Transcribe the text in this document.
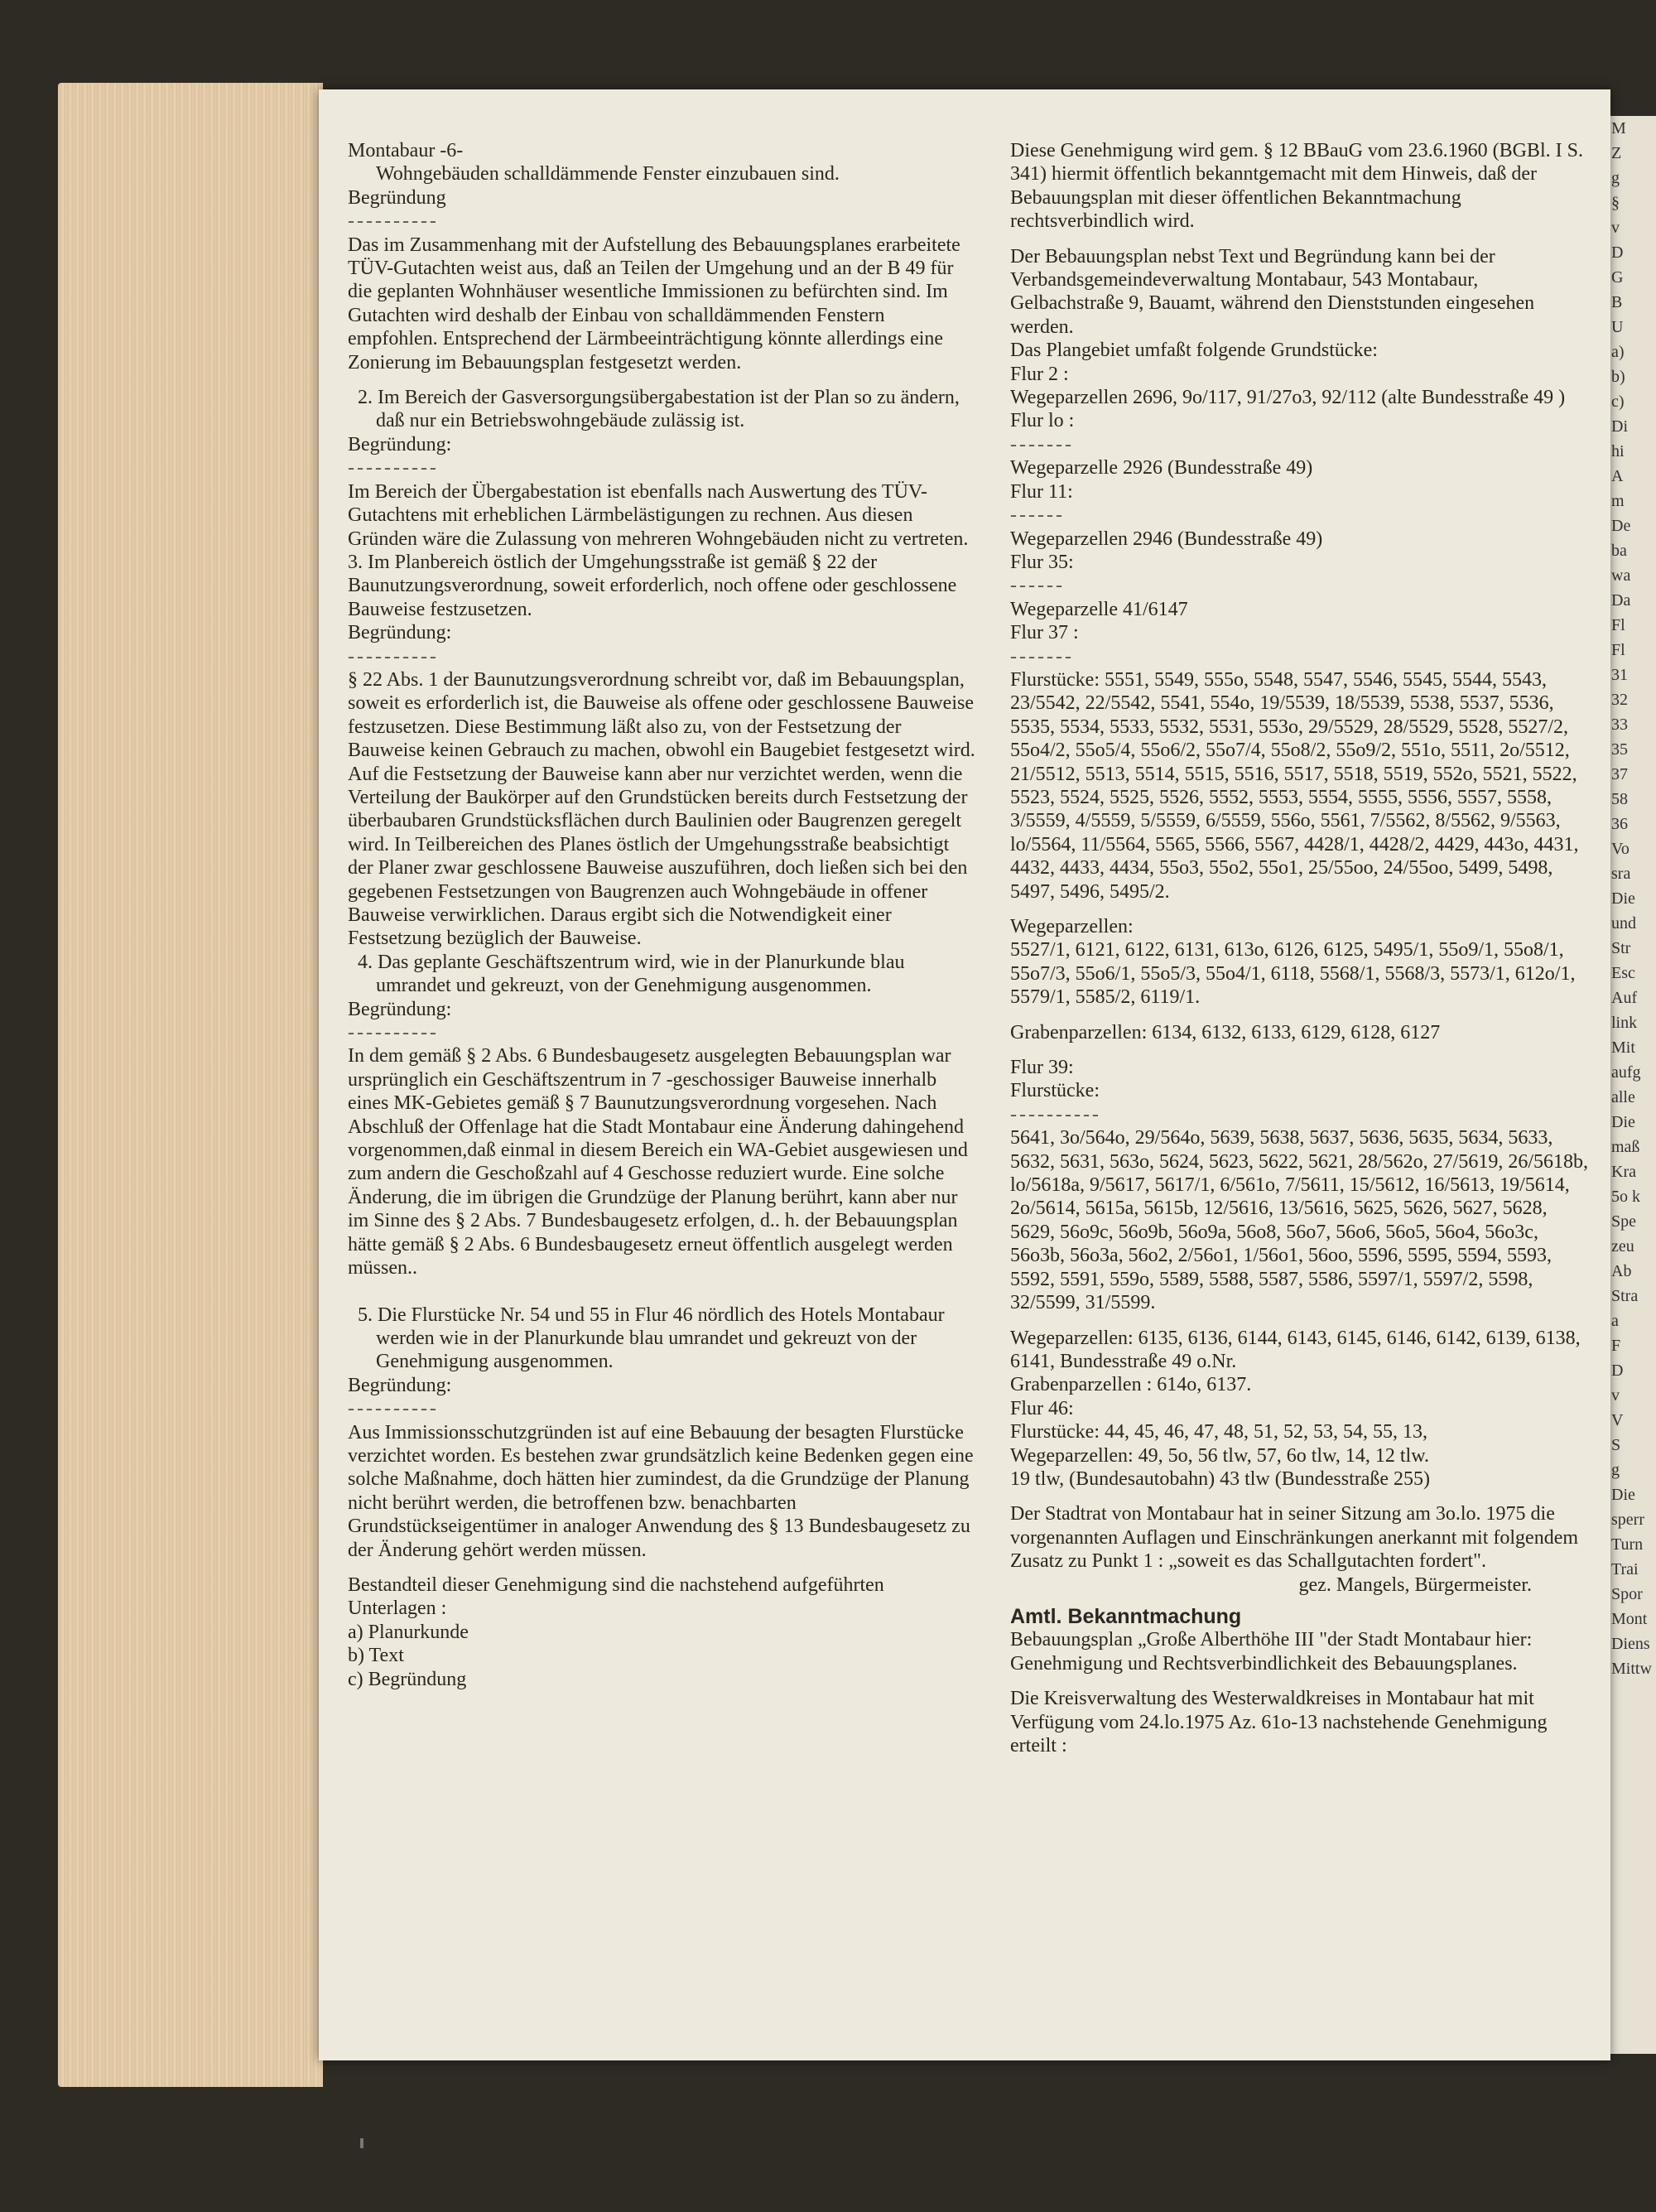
M
Z
g
§
v
D
G
B
U
a)
b)
c)
Di
hi
A
m
De
ba
wa
Da
Fl
Fl
31
32
33
35
37
58
36
Vo
sra
Die
und
Str
Esc
Auf
link
Mit
aufg
alle
Die
maß
Kra
5o k
Spe
zeu
Ab
Stra
a
F
D
v
V
S
g
Die
sperr
Turn
Trai
Spor
Mont
Diens
Mittw

Montabaur -6-

Wohngebäuden schalldämmende Fenster einzubauen sind.

Begründung

----------

Das im Zusammenhang mit der Aufstellung des Bebauungsplanes erarbeitete TÜV-Gutachten weist aus, daß an Teilen der Umgehung und an der B 49 für die geplanten Wohnhäuser wesentliche Immissionen zu befürchten sind. Im Gutachten wird deshalb der Einbau von schalldämmenden Fenstern empfohlen. Entsprechend der Lärmbeeinträchtigung könnte allerdings eine Zonierung im Bebauungsplan festgesetzt werden.

2. Im Bereich der Gasversorgungsübergabestation ist der Plan so zu ändern, daß nur ein Betriebswohngebäude zulässig ist.

Begründung:

----------

Im Bereich der Übergabestation ist ebenfalls nach Auswertung des TÜV-Gutachtens mit erheblichen Lärmbelästigungen zu rechnen. Aus diesen Gründen wäre die Zulassung von mehreren Wohngebäuden nicht zu vertreten.

3. Im Planbereich östlich der Umgehungsstraße ist gemäß § 22 der Baunutzungsverordnung, soweit erforderlich, noch offene oder geschlossene Bauweise festzusetzen.

Begründung:

----------

§ 22 Abs. 1 der Baunutzungsverordnung schreibt vor, daß im Bebauungsplan, soweit es erforderlich ist, die Bauweise als offene oder geschlossene Bauweise festzusetzen. Diese Bestimmung läßt also zu, von der Festsetzung der Bauweise keinen Gebrauch zu machen, obwohl ein Baugebiet festgesetzt wird. Auf die Festsetzung der Bauweise kann aber nur verzichtet werden, wenn die Verteilung der Baukörper auf den Grundstücken bereits durch Festsetzung der überbaubaren Grundstücksflächen durch Baulinien oder Baugrenzen geregelt wird. In Teilbereichen des Planes östlich der Umgehungsstraße beabsichtigt der Planer zwar geschlossene Bauweise auszuführen, doch ließen sich bei den gegebenen Festsetzungen von Baugrenzen auch Wohngebäude in offener Bauweise verwirklichen. Daraus ergibt sich die Notwendigkeit einer Festsetzung bezüglich der Bauweise.

4. Das geplante Geschäftszentrum wird, wie in der Planurkunde blau umrandet und gekreuzt, von der Genehmigung ausgenommen.

Begründung:

----------

In dem gemäß § 2 Abs. 6 Bundesbaugesetz ausgelegten Bebauungsplan war ursprünglich ein Geschäftszentrum in 7 -geschossiger Bauweise innerhalb eines MK-Gebietes gemäß § 7 Baunutzungsverordnung vorgesehen. Nach Abschluß der Offenlage hat die Stadt Montabaur eine Änderung dahingehend vorgenommen,daß einmal in diesem Bereich ein WA-Gebiet ausgewiesen und zum andern die Geschoßzahl auf 4 Geschosse reduziert wurde. Eine solche Änderung, die im übrigen die Grundzüge der Planung berührt, kann aber nur im Sinne des § 2 Abs. 7 Bundesbaugesetz erfolgen, d.. h. der Bebauungsplan hätte gemäß § 2 Abs. 6 Bundesbaugesetz erneut öffentlich ausgelegt werden müssen..

5. Die Flurstücke Nr. 54 und 55 in Flur 46 nördlich des Hotels Montabaur werden wie in der Planurkunde blau umrandet und gekreuzt von der Genehmigung ausgenommen.

Begründung:

----------

Aus Immissionsschutzgründen ist auf eine Bebauung der besagten Flurstücke verzichtet worden. Es bestehen zwar grundsätzlich keine Bedenken gegen eine solche Maßnahme, doch hätten hier zumindest, da die Grundzüge der Planung nicht berührt werden, die betroffenen bzw. benachbarten Grundstückseigentümer in analoger Anwendung des § 13 Bundesbaugesetz zu der Änderung gehört werden müssen.

Bestandteil dieser Genehmigung sind die nachstehend aufgeführten Unterlagen :

a) Planurkunde

b) Text

c) Begründung

Diese Genehmigung wird gem. § 12 BBauG vom 23.6.1960 (BGBl. I S. 341) hiermit öffentlich bekanntgemacht mit dem Hinweis, daß der Bebauungsplan mit dieser öffentlichen Bekanntmachung rechtsverbindlich wird.

Der Bebauungsplan nebst Text und Begründung kann bei der Verbandsgemeindeverwaltung Montabaur, 543 Montabaur, Gelbachstraße 9, Bauamt, während den Dienststunden eingesehen werden.

Das Plangebiet umfaßt folgende Grundstücke:

Flur 2 :

Wegeparzellen 2696, 9o/117, 91/27o3, 92/112 (alte Bundesstraße 49 )

Flur lo :

-------

Wegeparzelle 2926 (Bundesstraße 49)

Flur 11:

------

Wegeparzellen 2946 (Bundesstraße 49)

Flur 35:

------

Wegeparzelle 41/6147

Flur 37 :

-------

Flurstücke: 5551, 5549, 555o, 5548, 5547, 5546, 5545, 5544, 5543, 23/5542, 22/5542, 5541, 554o, 19/5539, 18/5539, 5538, 5537, 5536, 5535, 5534, 5533, 5532, 5531, 553o, 29/5529, 28/5529, 5528, 5527/2, 55o4/2, 55o5/4, 55o6/2, 55o7/4, 55o8/2, 55o9/2, 551o, 5511, 2o/5512, 21/5512, 5513, 5514, 5515, 5516, 5517, 5518, 5519, 552o, 5521, 5522, 5523, 5524, 5525, 5526, 5552, 5553, 5554, 5555, 5556, 5557, 5558, 3/5559, 4/5559, 5/5559, 6/5559, 556o, 5561, 7/5562, 8/5562, 9/5563, lo/5564, 11/5564, 5565, 5566, 5567, 4428/1, 4428/2, 4429, 443o, 4431, 4432, 4433, 4434, 55o3, 55o2, 55o1, 25/55oo, 24/55oo, 5499, 5498, 5497, 5496, 5495/2.

Wegeparzellen:

5527/1, 6121, 6122, 6131, 613o, 6126, 6125, 5495/1, 55o9/1, 55o8/1, 55o7/3, 55o6/1, 55o5/3, 55o4/1, 6118, 5568/1, 5568/3, 5573/1, 612o/1, 5579/1, 5585/2, 6119/1.

Grabenparzellen: 6134, 6132, 6133, 6129, 6128, 6127

Flur 39:

Flurstücke:

----------

5641, 3o/564o, 29/564o, 5639, 5638, 5637, 5636, 5635, 5634, 5633, 5632, 5631, 563o, 5624, 5623, 5622, 5621, 28/562o, 27/5619, 26/5618b, lo/5618a, 9/5617, 5617/1, 6/561o, 7/5611, 15/5612, 16/5613, 19/5614, 2o/5614, 5615a, 5615b, 12/5616, 13/5616, 5625, 5626, 5627, 5628, 5629, 56o9c, 56o9b, 56o9a, 56o8, 56o7, 56o6, 56o5, 56o4, 56o3c, 56o3b, 56o3a, 56o2, 2/56o1, 1/56o1, 56oo, 5596, 5595, 5594, 5593, 5592, 5591, 559o, 5589, 5588, 5587, 5586, 5597/1, 5597/2, 5598, 32/5599, 31/5599.

Wegeparzellen: 6135, 6136, 6144, 6143, 6145, 6146, 6142, 6139, 6138, 6141, Bundesstraße 49 o.Nr.

Grabenparzellen : 614o, 6137.

Flur 46:

Flurstücke: 44, 45, 46, 47, 48, 51, 52, 53, 54, 55, 13,

Wegeparzellen: 49, 5o, 56 tlw, 57, 6o tlw, 14, 12 tlw.

19 tlw, (Bundesautobahn) 43 tlw (Bundesstraße 255)

Der Stadtrat von Montabaur hat in seiner Sitzung am 3o.lo. 1975 die vorgenannten Auflagen und Einschränkungen anerkannt mit folgendem Zusatz zu Punkt 1 : „soweit es das Schallgutachten fordert".

gez. Mangels, Bürgermeister.

Amtl. Bekanntmachung

Bebauungsplan „Große Alberthöhe III "der Stadt Montabaur hier: Genehmigung und Rechtsverbindlichkeit des Bebauungsplanes.

Die Kreisverwaltung des Westerwaldkreises in Montabaur hat mit Verfügung vom 24.lo.1975 Az. 61o-13 nachstehende Genehmigung erteilt :
